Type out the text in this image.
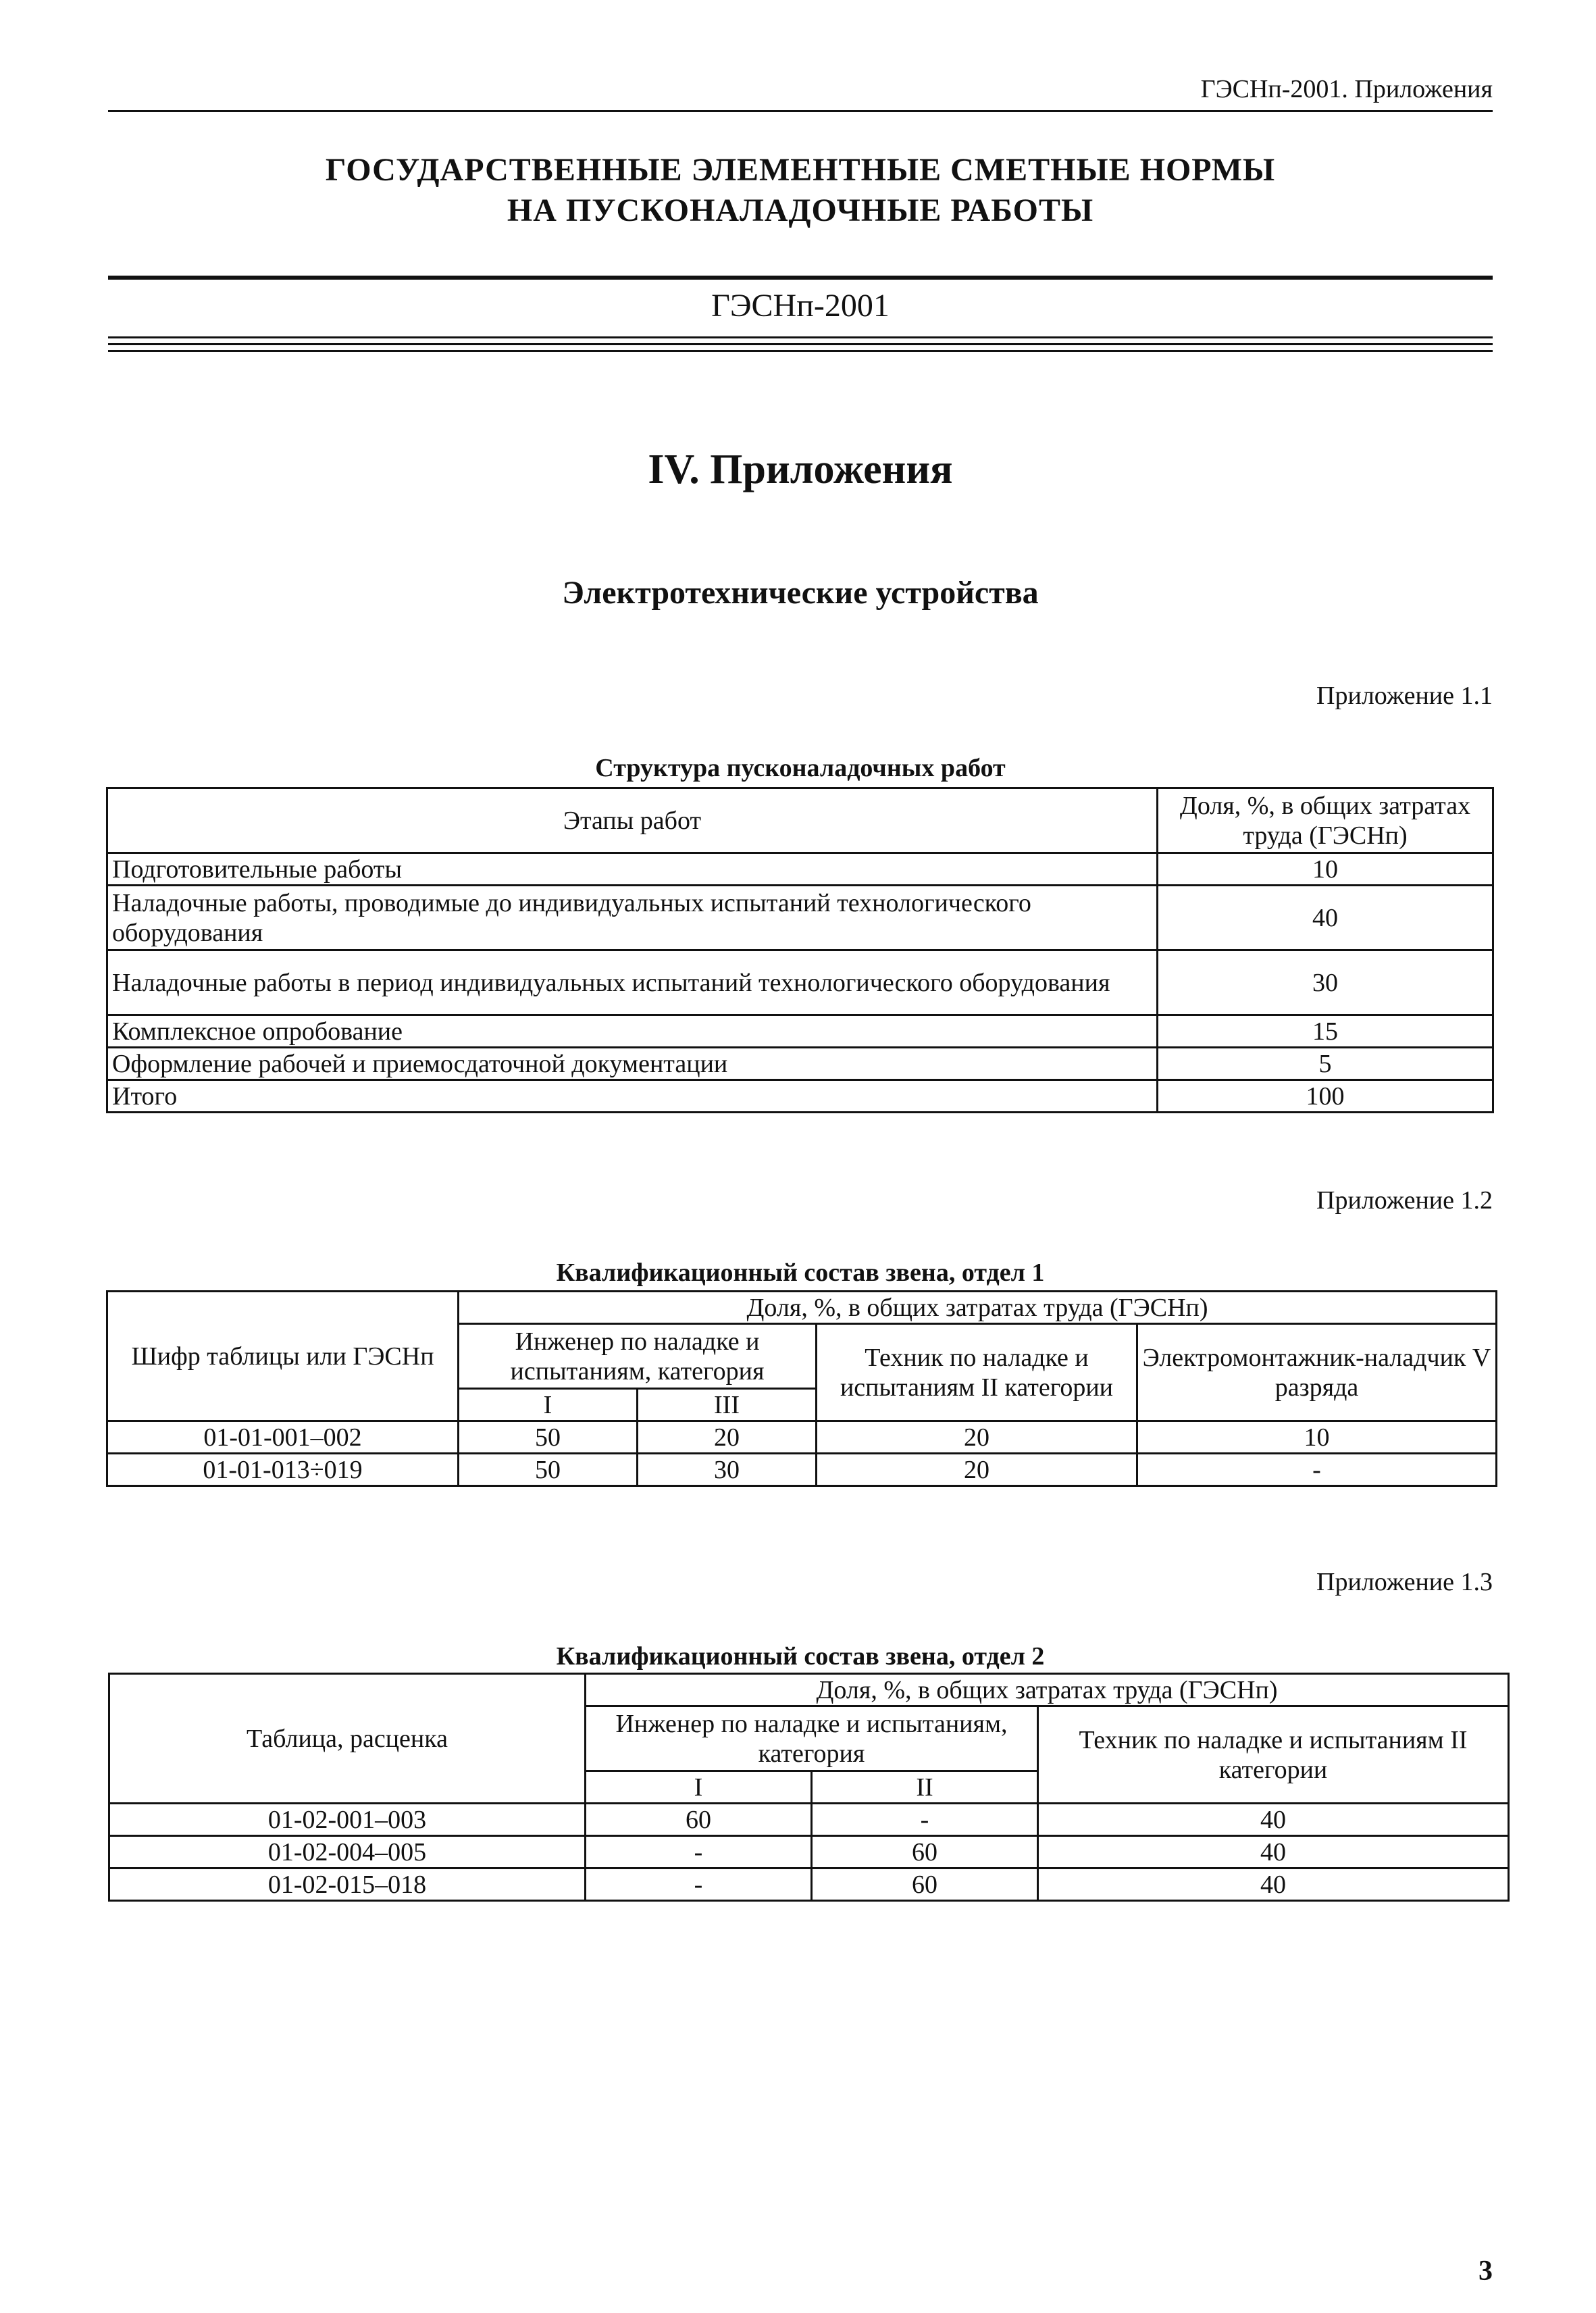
ГЭСНп-2001. Приложения
ГОСУДАРСТВЕННЫЕ ЭЛЕМЕНТНЫЕ СМЕТНЫЕ НОРМЫ
НА ПУСКОНАЛАДОЧНЫЕ РАБОТЫ
ГЭСНп-2001
IV. Приложения
Электротехнические устройства
Приложение 1.1
Структура пусконаладочных работ
Этапы работ	Доля, %, в общих затратах труда (ГЭСНп)
Подготовительные работы	10
Наладочные работы, проводимые до индивидуальных испытаний технологического оборудования	40
Наладочные работы в период индивидуальных испытаний технологического оборудования	30
Комплексное опробование	15
Оформление рабочей и приемосдаточной документации	5
Итого	100
Приложение 1.2
Квалификационный состав звена, отдел 1
Шифр таблицы или ГЭСНп	Доля, %, в общих затратах труда (ГЭСНп)			
	Инженер по наладке и испытаниям, категория		Техник по наладке и испытаниям II категории	Электромонтажник-наладчик V разряда
	I	III		
01-01-001–002	50	20	20	10
01-01-013÷019	50	30	20	-
Приложение 1.3
Квалификационный состав звена, отдел 2
Таблица, расценка	Доля, %, в общих затратах труда (ГЭСНп)		
	Инженер по наладке и испытаниям, категория		Техник по наладке и испытаниям II категории
	I	II	
01-02-001–003	60	-	40
01-02-004–005	-	60	40
01-02-015–018	-	60	40
3
